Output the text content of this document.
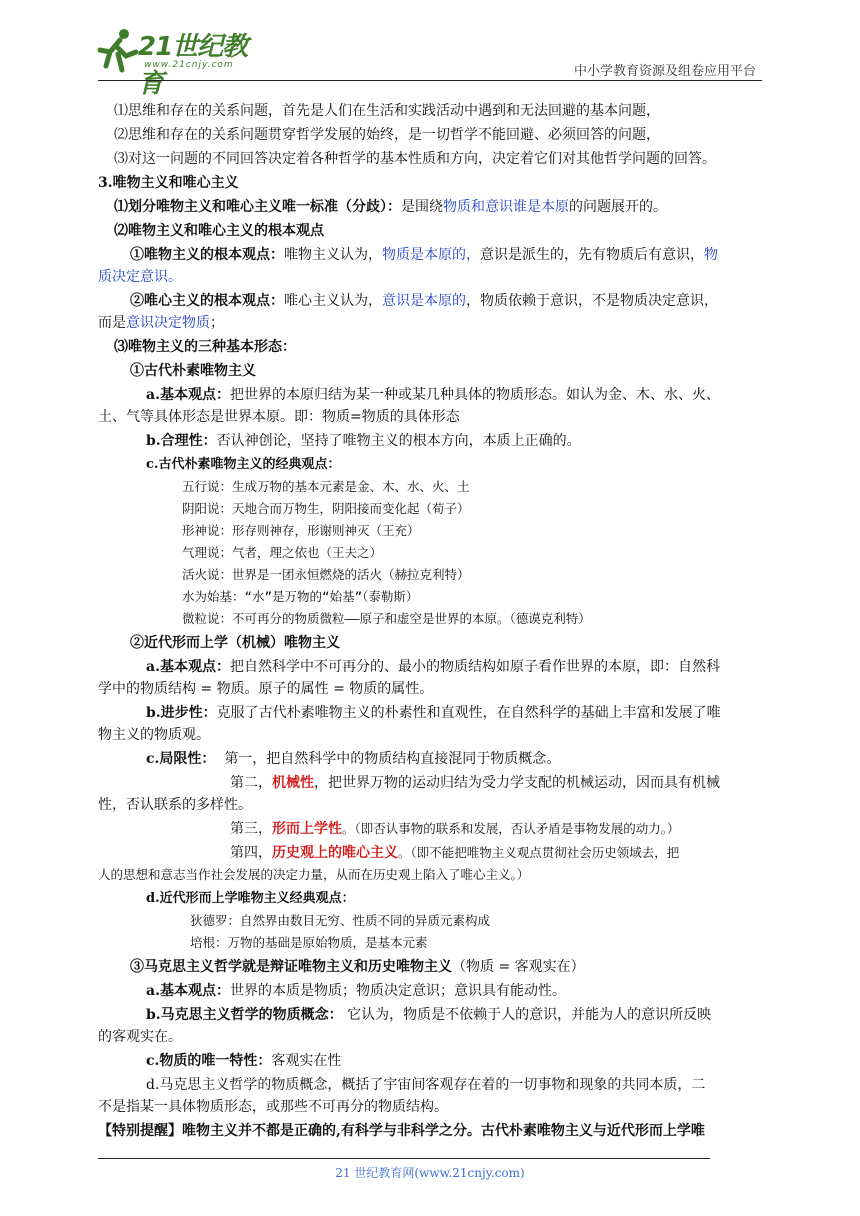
21世纪教育
www.21cnjy.com	中小学教育资源及组卷应用平台
⑴思维和存在的关系问题，首先是人们在生活和实践活动中遇到和无法回避的基本问题，
⑵思维和存在的关系问题贯穿哲学发展的始终，是一切哲学不能回避、必须回答的问题，
⑶对这一问题的不同回答决定着各种哲学的基本性质和方向，决定着它们对其他哲学问题的回答。
3.唯物主义和唯心主义
⑴划分唯物主义和唯心主义唯一标准（分歧）：是围绕物质和意识谁是本原的问题展开的。
⑵唯物主义和唯心主义的根本观点
①唯物主义的根本观点：唯物主义认为，物质是本原的，意识是派生的，先有物质后有意识，物
质决定意识。
②唯心主义的根本观点：唯心主义认为，意识是本原的，物质依赖于意识，不是物质决定意识，
而是意识决定物质；
⑶唯物主义的三种基本形态：
①古代朴素唯物主义
a.基本观点：把世界的本原归结为某一种或某几种具体的物质形态。如认为金、木、水、火、
土、气等具体形态是世界本原。即：物质=物质的具体形态
b.合理性：否认神创论，坚持了唯物主义的根本方向，本质上正确的。
c.古代朴素唯物主义的经典观点：
五行说：生成万物的基本元素是金、木、水、火、土
阴阳说：天地合而万物生，阴阳接而变化起（荀子）
形神说：形存则神存，形谢则神灭（王充）
气理说：气者，理之依也（王夫之）
活火说：世界是一团永恒燃烧的活火（赫拉克利特）
水为始基：“水”是万物的“始基”（泰勒斯）
微粒说：不可再分的物质微粒——原子和虚空是世界的本原。（德谟克利特）
②近代形而上学（机械）唯物主义
a.基本观点：把自然科学中不可再分的、最小的物质结构如原子看作世界的本原，即：自然科
学中的物质结构 = 物质。原子的属性 = 物质的属性。
b.进步性：克服了古代朴素唯物主义的朴素性和直观性，在自然科学的基础上丰富和发展了唯
物主义的物质观。
c.局限性： 第一，把自然科学中的物质结构直接混同于物质概念。
第二，机械性，把世界万物的运动归结为受力学支配的机械运动，因而具有机械
性，否认联系的多样性。
第三，形而上学性。（即否认事物的联系和发展，否认矛盾是事物发展的动力。）
第四，历史观上的唯心主义。（即不能把唯物主义观点贯彻社会历史领域去，把
人的思想和意志当作社会发展的决定力量，从而在历史观上陷入了唯心主义。）
d.近代形而上学唯物主义经典观点：
狄德罗：自然界由数目无穷、性质不同的异质元素构成
培根：万物的基础是原始物质，是基本元素
③马克思主义哲学就是辩证唯物主义和历史唯物主义（物质 = 客观实在）
a.基本观点：世界的本质是物质；物质决定意识；意识具有能动性。
b.马克思主义哲学的物质概念： 它认为，物质是不依赖于人的意识，并能为人的意识所反映
的客观实在。
c.物质的唯一特性：客观实在性
d.马克思主义哲学的物质概念，概括了宇宙间客观存在着的一切事物和现象的共同本质，二
不是指某一具体物质形态，或那些不可再分的物质结构。
【特别提醒】唯物主义并不都是正确的,有科学与非科学之分。古代朴素唯物主义与近代形而上学唯
21 世纪教育网(www.21cnjy.com)
